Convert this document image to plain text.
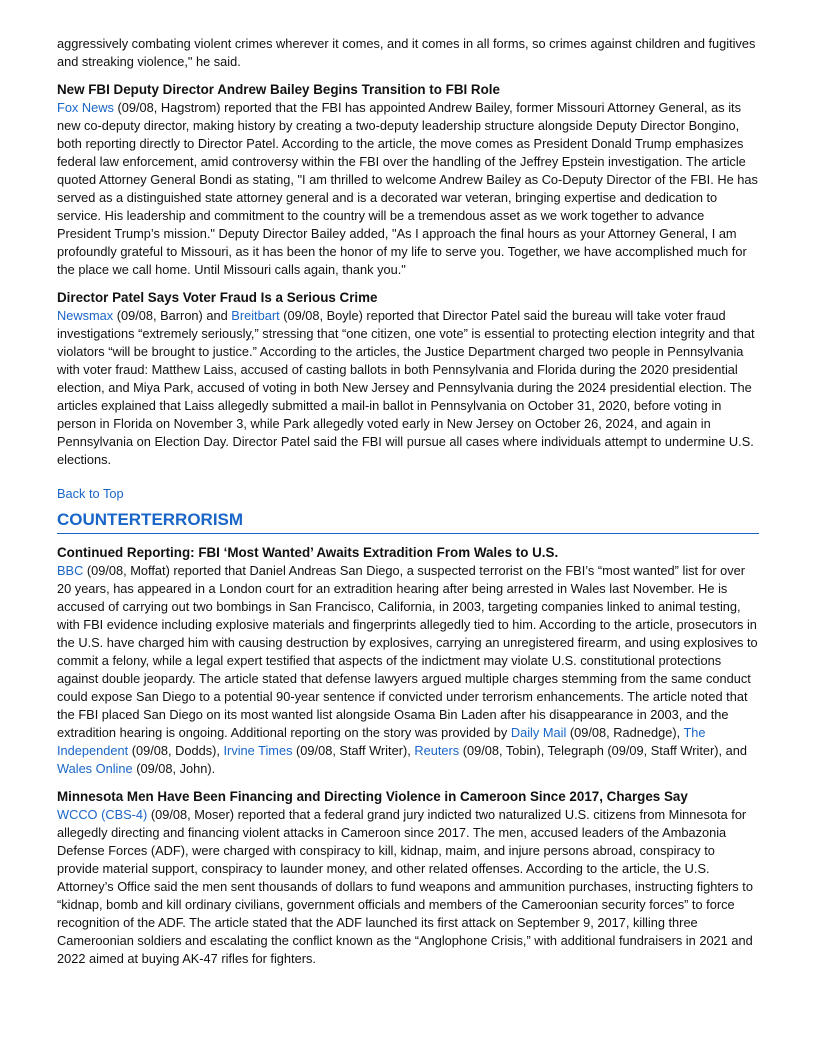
aggressively combating violent crimes wherever it comes, and it comes in all forms, so crimes against children and fugitives and streaking violence," he said.

New FBI Deputy Director Andrew Bailey Begins Transition to FBI Role

Fox News (09/08, Hagstrom) reported that the FBI has appointed Andrew Bailey, former Missouri Attorney General, as its new co-deputy director, making history by creating a two-deputy leadership structure alongside Deputy Director Bongino, both reporting directly to Director Patel. According to the article, the move comes as President Donald Trump emphasizes federal law enforcement, amid controversy within the FBI over the handling of the Jeffrey Epstein investigation. The article quoted Attorney General Bondi as stating, "I am thrilled to welcome Andrew Bailey as Co-Deputy Director of the FBI. He has served as a distinguished state attorney general and is a decorated war veteran, bringing expertise and dedication to service. His leadership and commitment to the country will be a tremendous asset as we work together to advance President Trump’s mission." Deputy Director Bailey added, "As I approach the final hours as your Attorney General, I am profoundly grateful to Missouri, as it has been the honor of my life to serve you. Together, we have accomplished much for the place we call home. Until Missouri calls again, thank you."

Director Patel Says Voter Fraud Is a Serious Crime

Newsmax (09/08, Barron) and Breitbart (09/08, Boyle) reported that Director Patel said the bureau will take voter fraud investigations “extremely seriously,” stressing that “one citizen, one vote” is essential to protecting election integrity and that violators “will be brought to justice.” According to the articles, the Justice Department charged two people in Pennsylvania with voter fraud: Matthew Laiss, accused of casting ballots in both Pennsylvania and Florida during the 2020 presidential election, and Miya Park, accused of voting in both New Jersey and Pennsylvania during the 2024 presidential election. The articles explained that Laiss allegedly submitted a mail-in ballot in Pennsylvania on October 31, 2020, before voting in person in Florida on November 3, while Park allegedly voted early in New Jersey on October 26, 2024, and again in Pennsylvania on Election Day. Director Patel said the FBI will pursue all cases where individuals attempt to undermine U.S. elections.

Back to Top
COUNTERTERRORISM

Continued Reporting: FBI ‘Most Wanted’ Awaits Extradition From Wales to U.S.

BBC (09/08, Moffat) reported that Daniel Andreas San Diego, a suspected terrorist on the FBI’s “most wanted” list for over 20 years, has appeared in a London court for an extradition hearing after being arrested in Wales last November. He is accused of carrying out two bombings in San Francisco, California, in 2003, targeting companies linked to animal testing, with FBI evidence including explosive materials and fingerprints allegedly tied to him. According to the article, prosecutors in the U.S. have charged him with causing destruction by explosives, carrying an unregistered firearm, and using explosives to commit a felony, while a legal expert testified that aspects of the indictment may violate U.S. constitutional protections against double jeopardy. The article stated that defense lawyers argued multiple charges stemming from the same conduct could expose San Diego to a potential 90-year sentence if convicted under terrorism enhancements. The article noted that the FBI placed San Diego on its most wanted list alongside Osama Bin Laden after his disappearance in 2003, and the extradition hearing is ongoing. Additional reporting on the story was provided by Daily Mail (09/08, Radnedge), The Independent (09/08, Dodds), Irvine Times (09/08, Staff Writer), Reuters (09/08, Tobin), Telegraph (09/09, Staff Writer), and Wales Online (09/08, John).

Minnesota Men Have Been Financing and Directing Violence in Cameroon Since 2017, Charges Say

WCCO (CBS-4) (09/08, Moser) reported that a federal grand jury indicted two naturalized U.S. citizens from Minnesota for allegedly directing and financing violent attacks in Cameroon since 2017. The men, accused leaders of the Ambazonia Defense Forces (ADF), were charged with conspiracy to kill, kidnap, maim, and injure persons abroad, conspiracy to provide material support, conspiracy to launder money, and other related offenses. According to the article, the U.S. Attorney’s Office said the men sent thousands of dollars to fund weapons and ammunition purchases, instructing fighters to “kidnap, bomb and kill ordinary civilians, government officials and members of the Cameroonian security forces” to force recognition of the ADF. The article stated that the ADF launched its first attack on September 9, 2017, killing three Cameroonian soldiers and escalating the conflict known as the “Anglophone Crisis,” with additional fundraisers in 2021 and 2022 aimed at buying AK-47 rifles for fighters.
